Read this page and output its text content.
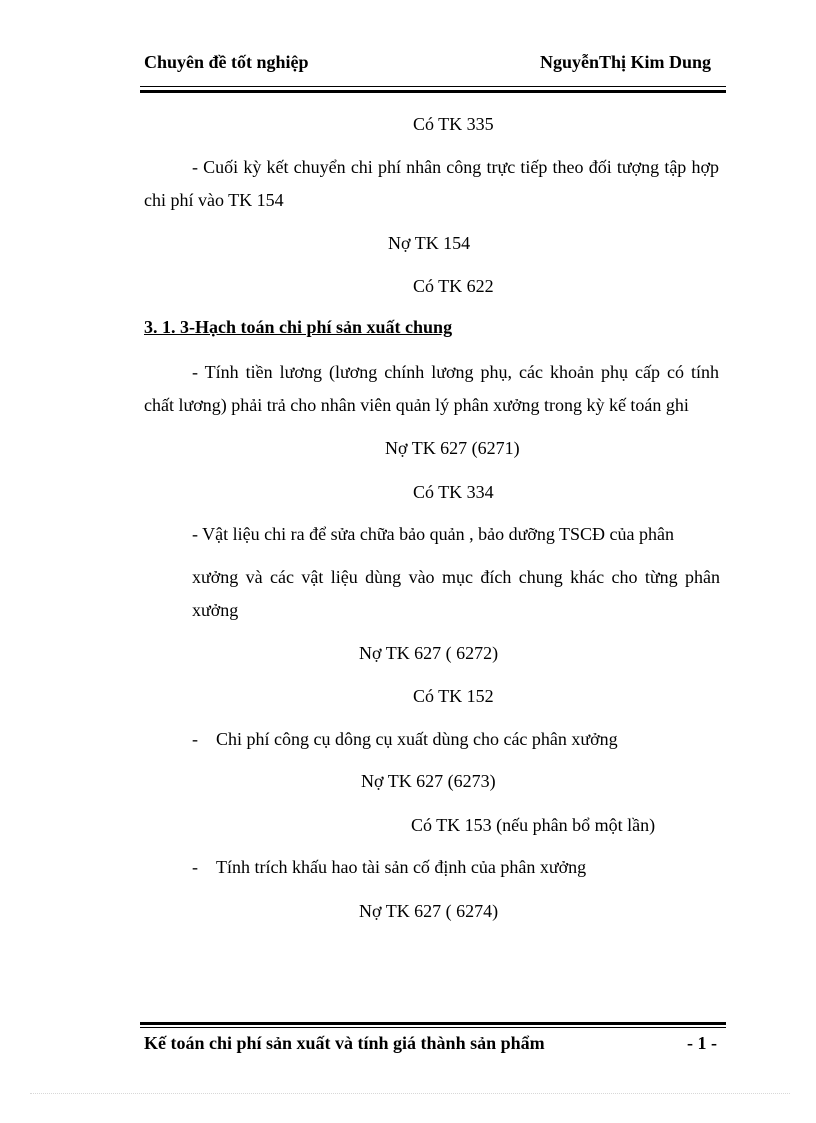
Chuyên đề tốt nghiệp	NguyễnThị Kim Dung
Có TK 335
- Cuối kỳ kết chuyển chi phí nhân công trực tiếp theo đối tượng tập hợp chi phí vào TK 154
Nợ TK 154
Có TK 622
3. 1. 3-Hạch toán chi phí sản xuất chung
- Tính tiền lương (lương chính lương phụ, các khoản phụ cấp có tính chất lương) phải trả cho nhân viên quản lý phân xưởng trong kỳ kế toán ghi
Nợ TK 627 (6271)
Có TK 334
- Vật liệu chi ra để sửa chữa bảo quản , bảo dưỡng TSCĐ của phân
xưởng và các vật liệu dùng vào mục đích chung khác cho từng phân xưởng
Nợ TK 627 ( 6272)
Có TK 152
- Chi phí công cụ dông cụ xuất dùng cho các phân xưởng
Nợ TK 627 (6273)
Có TK 153 (nếu phân bổ một lần)
- Tính trích khấu hao tài sản cố định của phân xưởng
Nợ TK 627 ( 6274)
Kế toán chi phí sản xuất và tính giá thành sản phẩm	- 1 -
